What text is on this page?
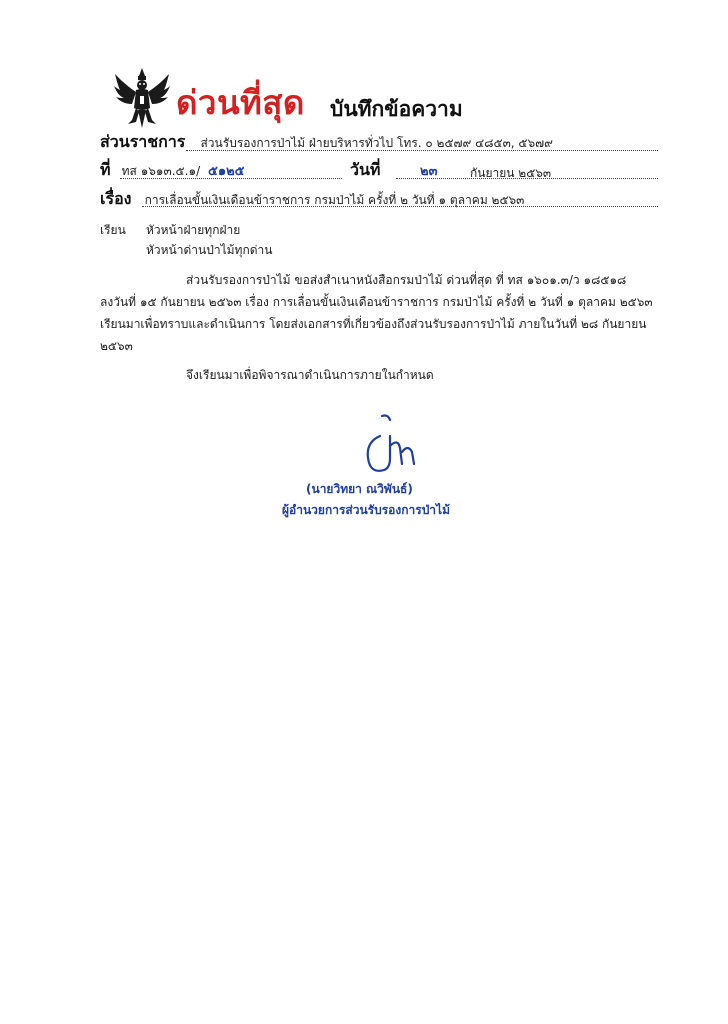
ด่วนที่สุด บันทึกข้อความ
ส่วนราชการ ส่วนรับรองการป่าไม้ ฝ่ายบริหารทั่วไป โทร. ๐ ๒๕๗๙ ๔๘๕๓, ๕๖๗๙
ที่ ทส ๑๖๑๓.๕.๑/ ๕๑๒๕	วันที่	๒๓	กันยายน ๒๕๖๓
เรื่อง การเลื่อนขั้นเงินเดือนข้าราชการ กรมป่าไม้ ครั้งที่ ๒ วันที่ ๑ ตุลาคม ๒๕๖๓
เรียน หัวหน้าฝ่ายทุกฝ่าย
หัวหน้าด่านป่าไม้ทุกด่าน
ส่วนรับรองการป่าไม้ ขอส่งสำเนาหนังสือกรมป่าไม้ ด่วนที่สุด ที่ ทส ๑๖๐๑.๓/ว ๑๘๕๑๘
ลงวันที่ ๑๕ กันยายน ๒๕๖๓ เรื่อง การเลื่อนขั้นเงินเดือนข้าราชการ กรมป่าไม้ ครั้งที่ ๒ วันที่ ๑ ตุลาคม ๒๕๖๓
เรียนมาเพื่อทราบและดำเนินการ โดยส่งเอกสารที่เกี่ยวข้องถึงส่วนรับรองการป่าไม้ ภายในวันที่ ๒๘ กันยายน
๒๕๖๓
จึงเรียนมาเพื่อพิจารณาดำเนินการภายในกำหนด
(นายวิทยา ณวิพันธ์)
ผู้อำนวยการส่วนรับรองการป่าไม้
